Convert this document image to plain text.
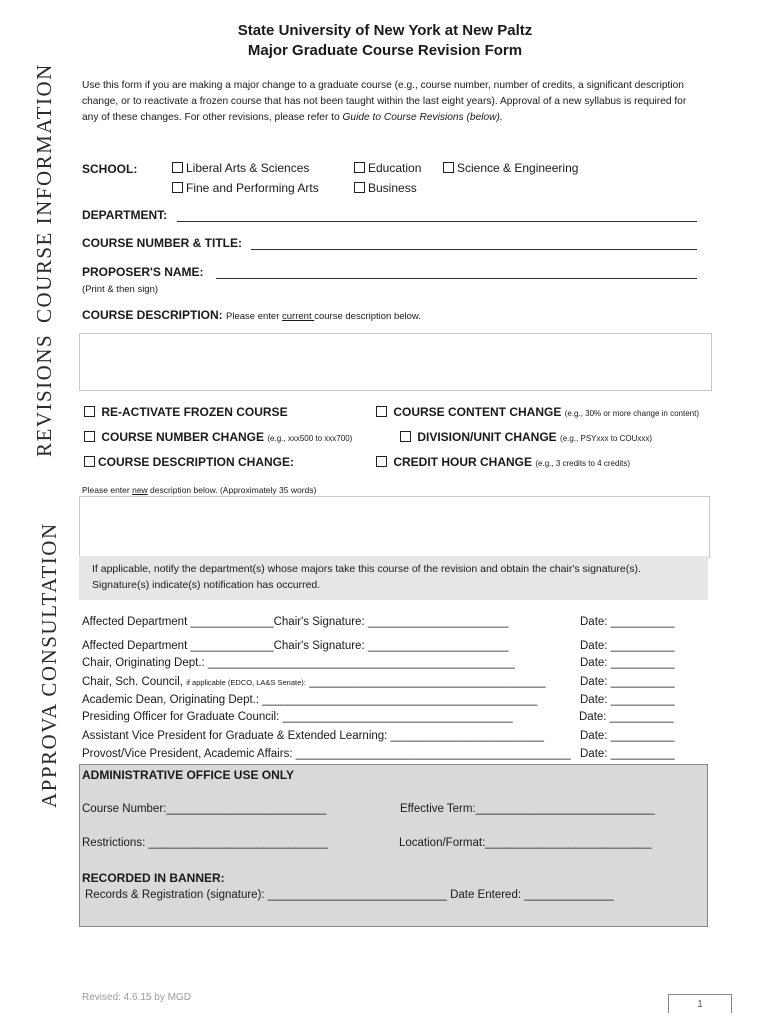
COURSE INFORMATION
REVISIONS
APPROVA CONSULTATION
State University of New York at New Paltz
Major Graduate Course Revision Form
Use this form if you are making a major change to a graduate course (e.g., course number, number of credits, a significant description change, or to reactivate a frozen course that has not been taught within the last eight years). Approval of a new syllabus is required for any of these changes. For other revisions, please refer to Guide to Course Revisions (below).
SCHOOL:	Liberal Arts & Sciences	Education	Science & Engineering
Fine and Performing Arts	Business
DEPARTMENT:
COURSE NUMBER & TITLE:
PROPOSER'S NAME:
(Print & then sign)
COURSE DESCRIPTION: Please enter current course description below.
RE-ACTIVATE FROZEN COURSE	COURSE CONTENT CHANGE (e.g., 30% or more change in content)
COURSE NUMBER CHANGE (e.g., xxx500 to xxx700)	DIVISION/UNIT CHANGE (e.g., PSYxxx to COUxxx)
COURSE DESCRIPTION CHANGE:	CREDIT HOUR CHANGE (e.g., 3 credits to 4 credits)
Please enter new description below. (Approximately 35 words)
If applicable, notify the department(s) whose majors take this course of the revision and obtain the chair's signature(s). Signature(s) indicate(s) notification has occurred.
Affected Department _____________Chair's Signature: ______________________	Date: __________
Affected Department _____________Chair's Signature: ______________________	Date: __________
Chair, Originating Dept.: ________________________________________________	Date: __________
Chair, Sch. Council, if applicable (EDCO, LA&S Senate): _____________________________________	Date: __________
Academic Dean, Originating Dept.: ___________________________________________	Date: __________
Presiding Officer for Graduate Council: ____________________________________	Date: __________
Assistant Vice President for Graduate & Extended Learning: ________________________	Date: __________
Provost/Vice President, Academic Affairs: ___________________________________________ Date: __________
ADMINISTRATIVE OFFICE USE ONLY
Course Number:_________________________	Effective Term:____________________________
Restrictions: ____________________________	Location/Format:__________________________
RECORDED IN BANNER:
Records & Registration (signature): ____________________________ Date Entered: ______________
Revised: 4.6.15 by MGD
1
